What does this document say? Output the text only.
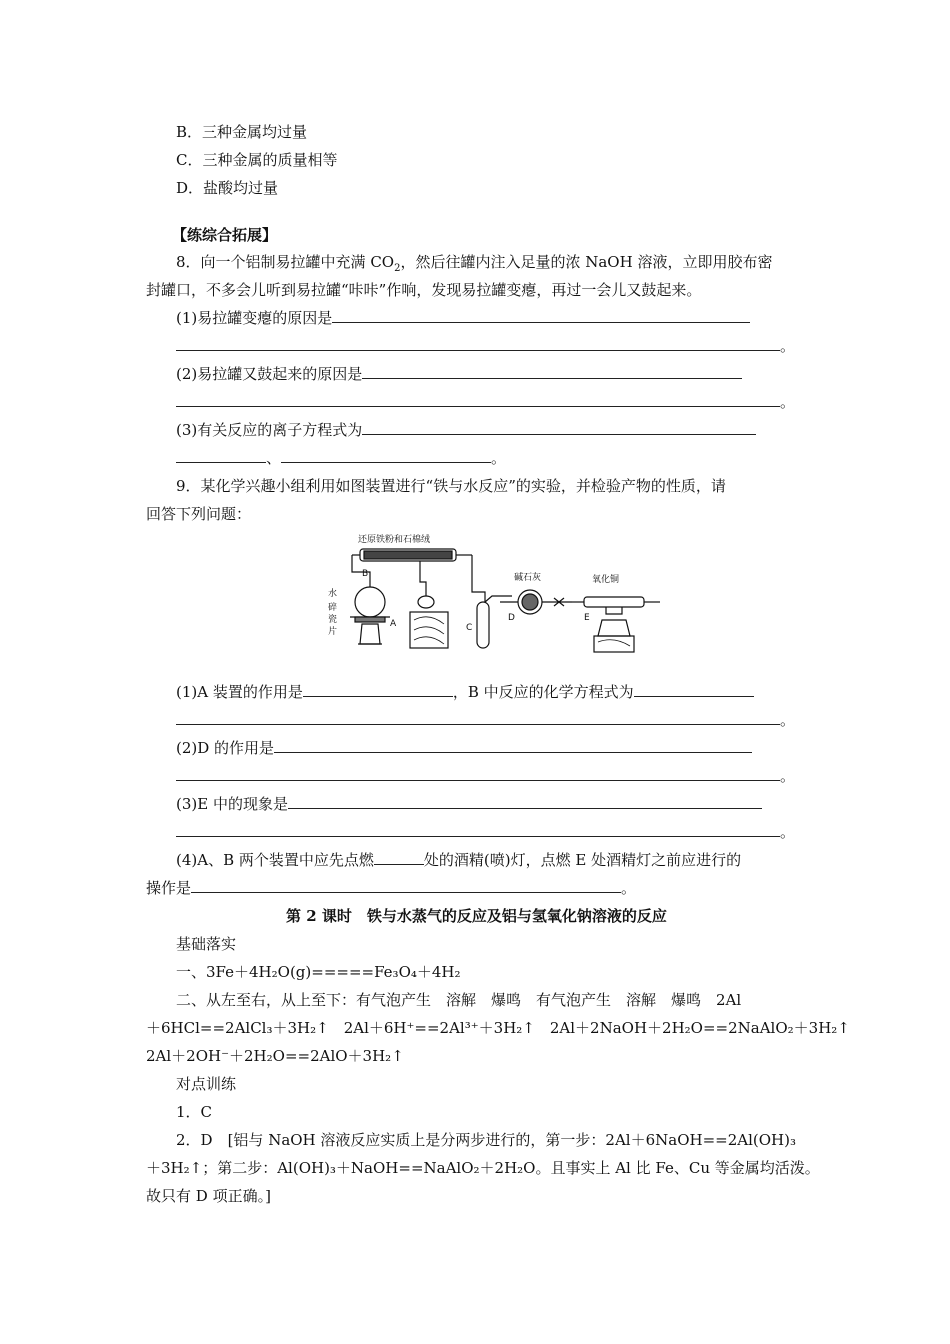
B．三种金属均过量
C．三种金属的质量相等
D．盐酸均过量
【练综合拓展】
8．向一个铝制易拉罐中充满 $CO_2$，然后往罐内注入足量的浓 NaOH 溶液，立即用胶布密
封罐口，不多会儿听到易拉罐“咔咔”作响，发现易拉罐变瘪，再过一会儿又鼓起来。
(1)易拉罐变瘪的原因是
。
(2)易拉罐又鼓起来的原因是
。
(3)有关反应的离子方程式为
、	。
9．某化学兴趣小组利用如图装置进行“铁与水反应”的实验，并检验产物的性质，请
回答下列问题：
还原铁粉和石棉绒
B
水
碎
瓷
片
A	C
D
碱石灰
E
氧化铜
(1)A 装置的作用是	，B 中反应的化学方程式为
。
(2)D 的作用是
。
(3)E 中的现象是
。
(4)A、B 两个装置中应先点燃	处的酒精(喷)灯，点燃 E 处酒精灯之前应进行的
操作是	。
第 2 课时　铁与水蒸气的反应及铝与氢氧化钠溶液的反应
基础落实
一、3Fe＋4H₂O(g)=====Fe₃O₄＋4H₂
二、从左至右，从上至下：有气泡产生　溶解　爆鸣　有气泡产生　溶解　爆鸣　2Al
＋6HCl==2AlCl₃＋3H₂↑　2Al＋6H⁺==2Al³⁺＋3H₂↑　2Al＋2NaOH＋2H₂O==2NaAlO₂＋3H₂↑
2Al＋2OH⁻＋2H₂O==2AlO＋3H₂↑
对点训练
1．C
2．D　[铝与 NaOH 溶液反应实质上是分两步进行的，第一步：2Al＋6NaOH==2Al(OH)₃
＋3H₂↑；第二步：Al(OH)₃＋NaOH==NaAlO₂＋2H₂O。且事实上 Al 比 Fe、Cu 等金属均活泼。
故只有 D 项正确。]
